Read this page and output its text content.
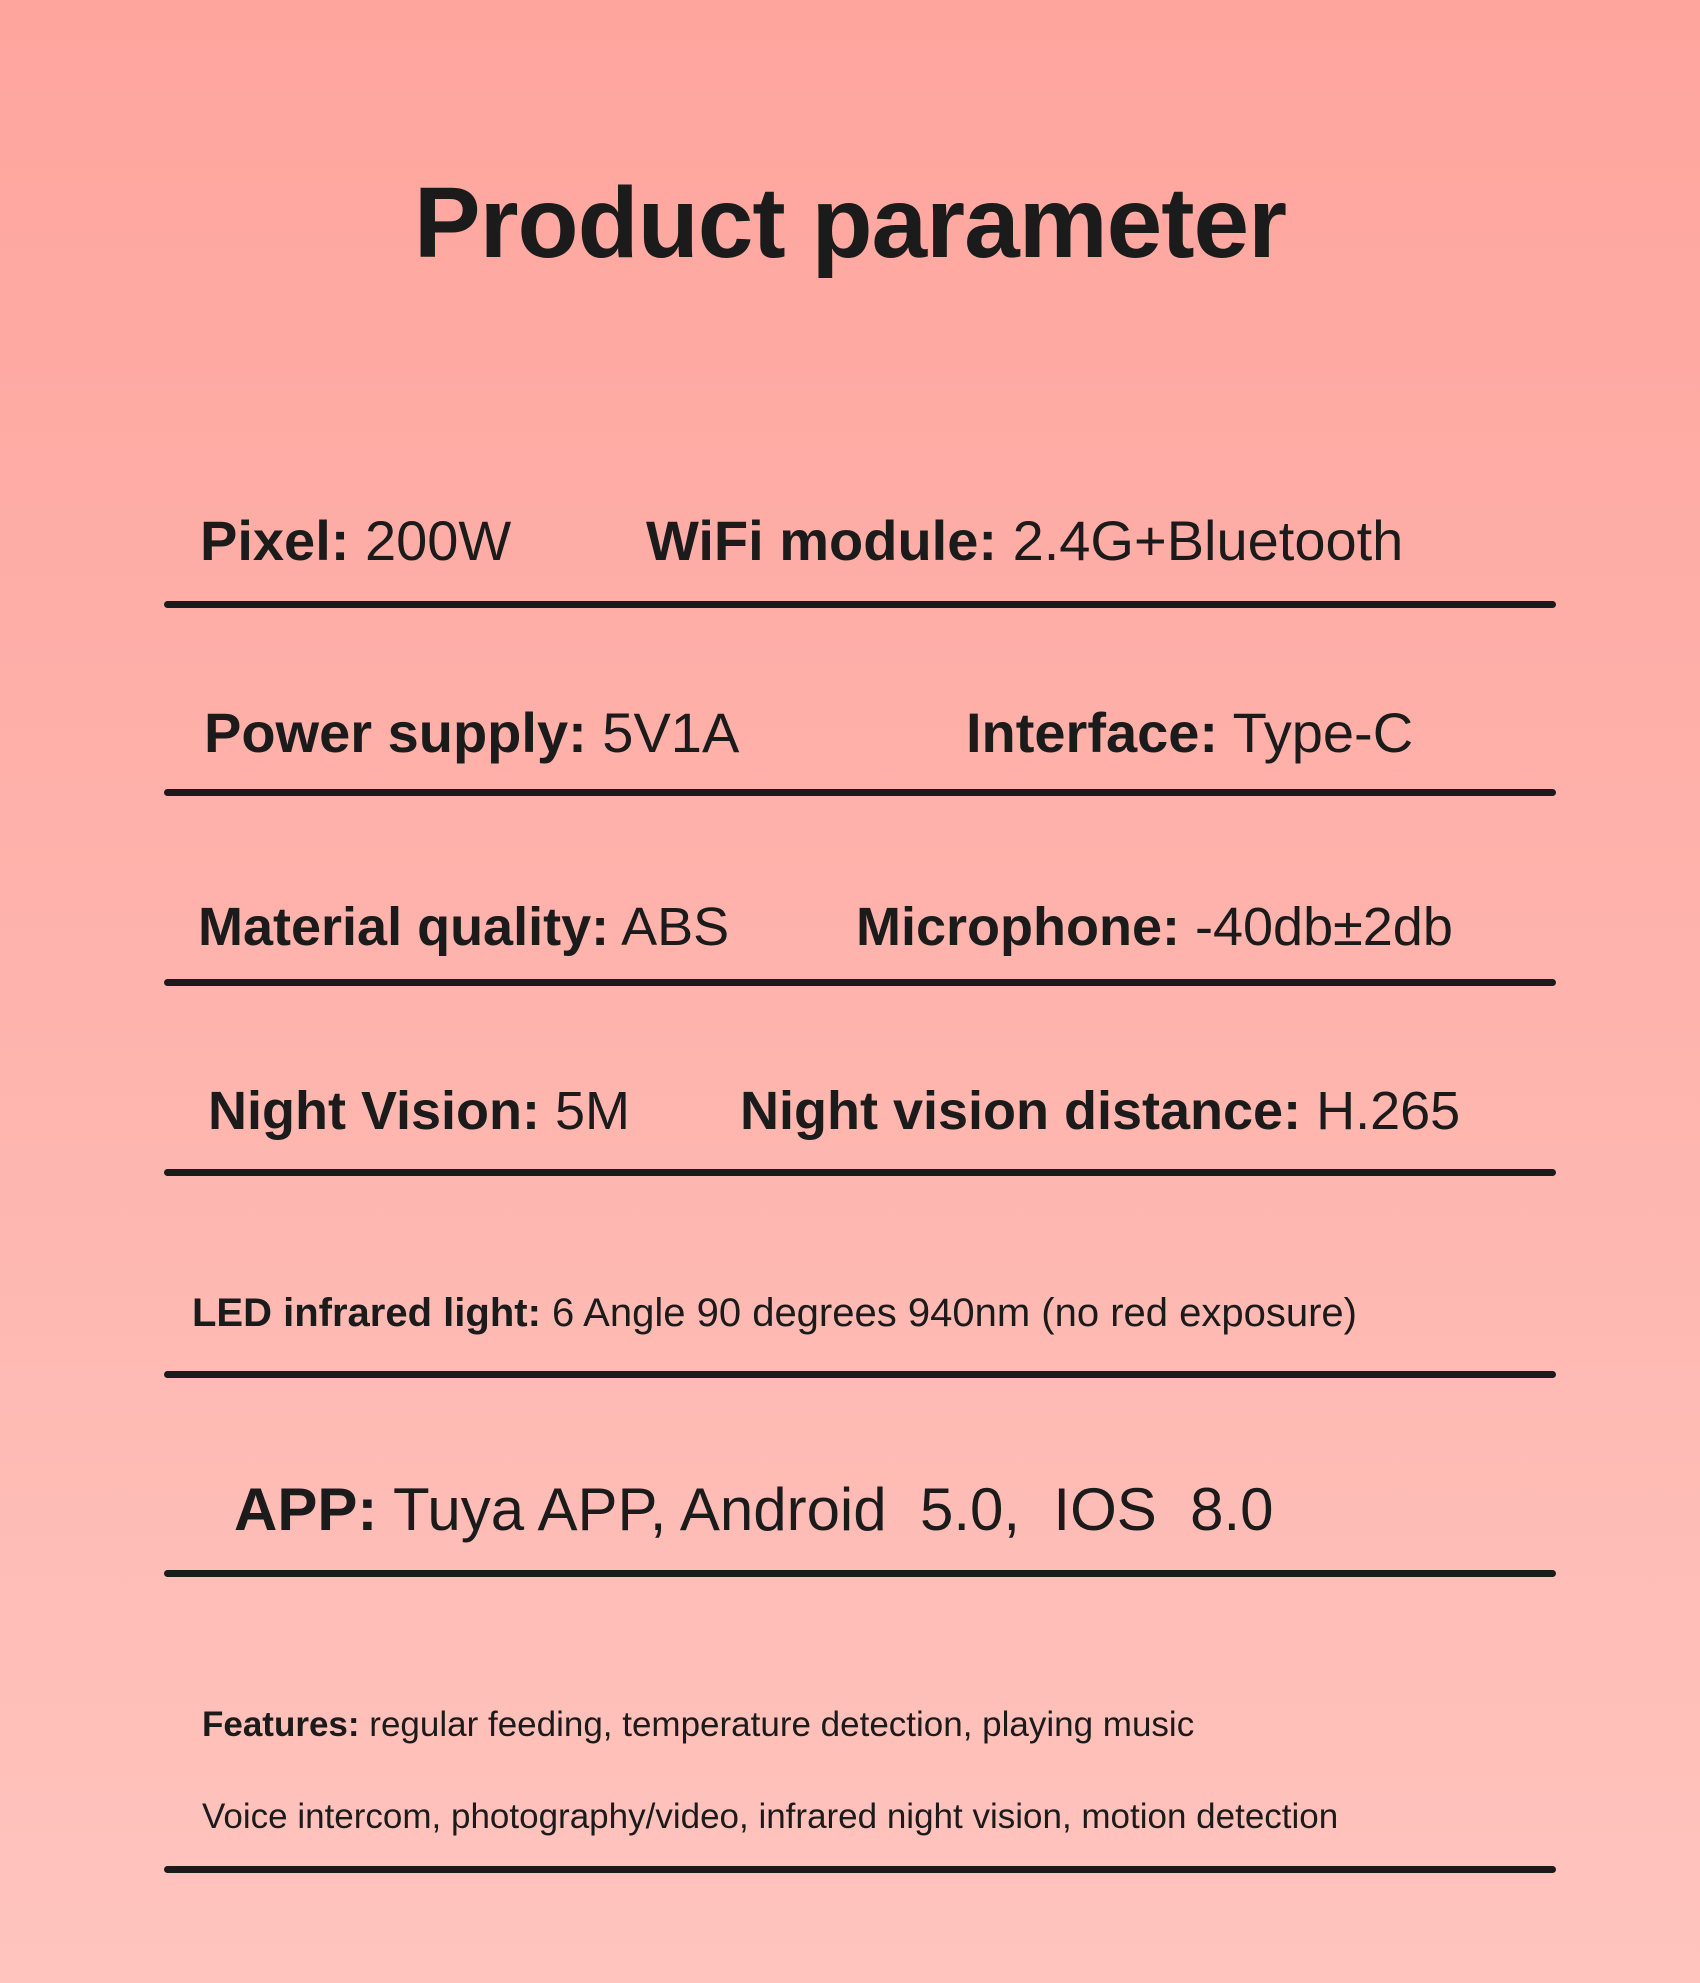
Product parameter
Pixel: 200W WiFi module: 2.4G+Bluetooth
Power supply: 5V1A	Interface: Type-C
Material quality: ABS Microphone: -40db±2db
Night Vision: 5M Night vision distance: H.265
LED infrared light: 6 Angle 90 degrees 940nm (no red exposure)
APP: Tuya APP, Android  5.0,  IOS  8.0
Features: regular feeding, temperature detection, playing music
Voice intercom, photography/video, infrared night vision, motion detection
